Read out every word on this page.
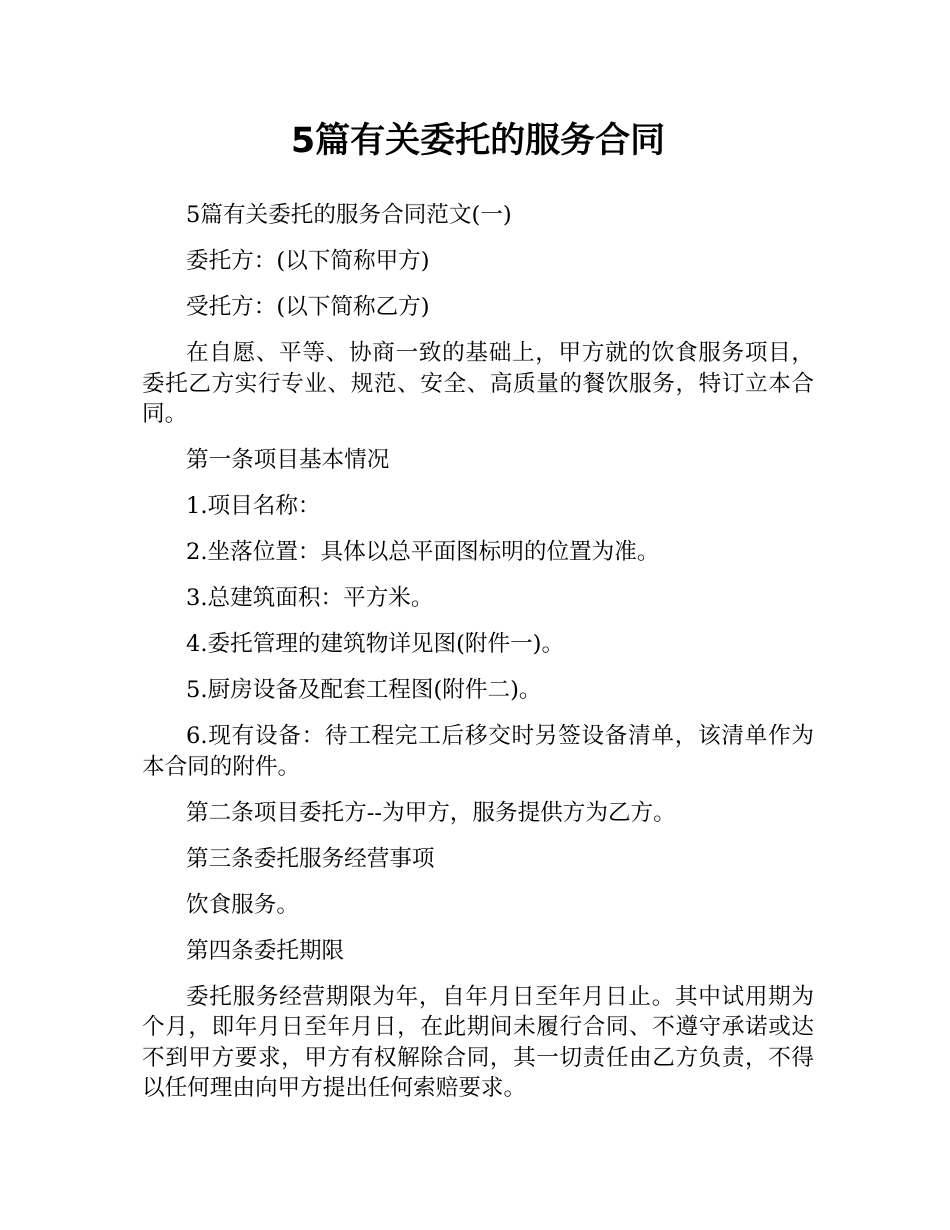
5篇有关委托的服务合同

5篇有关委托的服务合同范文(一)

委托方：(以下简称甲方)

受托方：(以下简称乙方)

在自愿、平等、协商一致的基础上，甲方就的饮食服务项目，委托乙方实行专业、规范、安全、高质量的餐饮服务，特订立本合同。

第一条项目基本情况

1.项目名称：

2.坐落位置：具体以总平面图标明的位置为准。

3.总建筑面积：平方米。

4.委托管理的建筑物详见图(附件一)。

5.厨房设备及配套工程图(附件二)。

6.现有设备：待工程完工后移交时另签设备清单，该清单作为本合同的附件。

第二条项目委托方--为甲方，服务提供方为乙方。

第三条委托服务经营事项

饮食服务。

第四条委托期限

委托服务经营期限为年，自年月日至年月日止。其中试用期为个月，即年月日至年月日，在此期间未履行合同、不遵守承诺或达不到甲方要求，甲方有权解除合同，其一切责任由乙方负责，不得以任何理由向甲方提出任何索赔要求。
